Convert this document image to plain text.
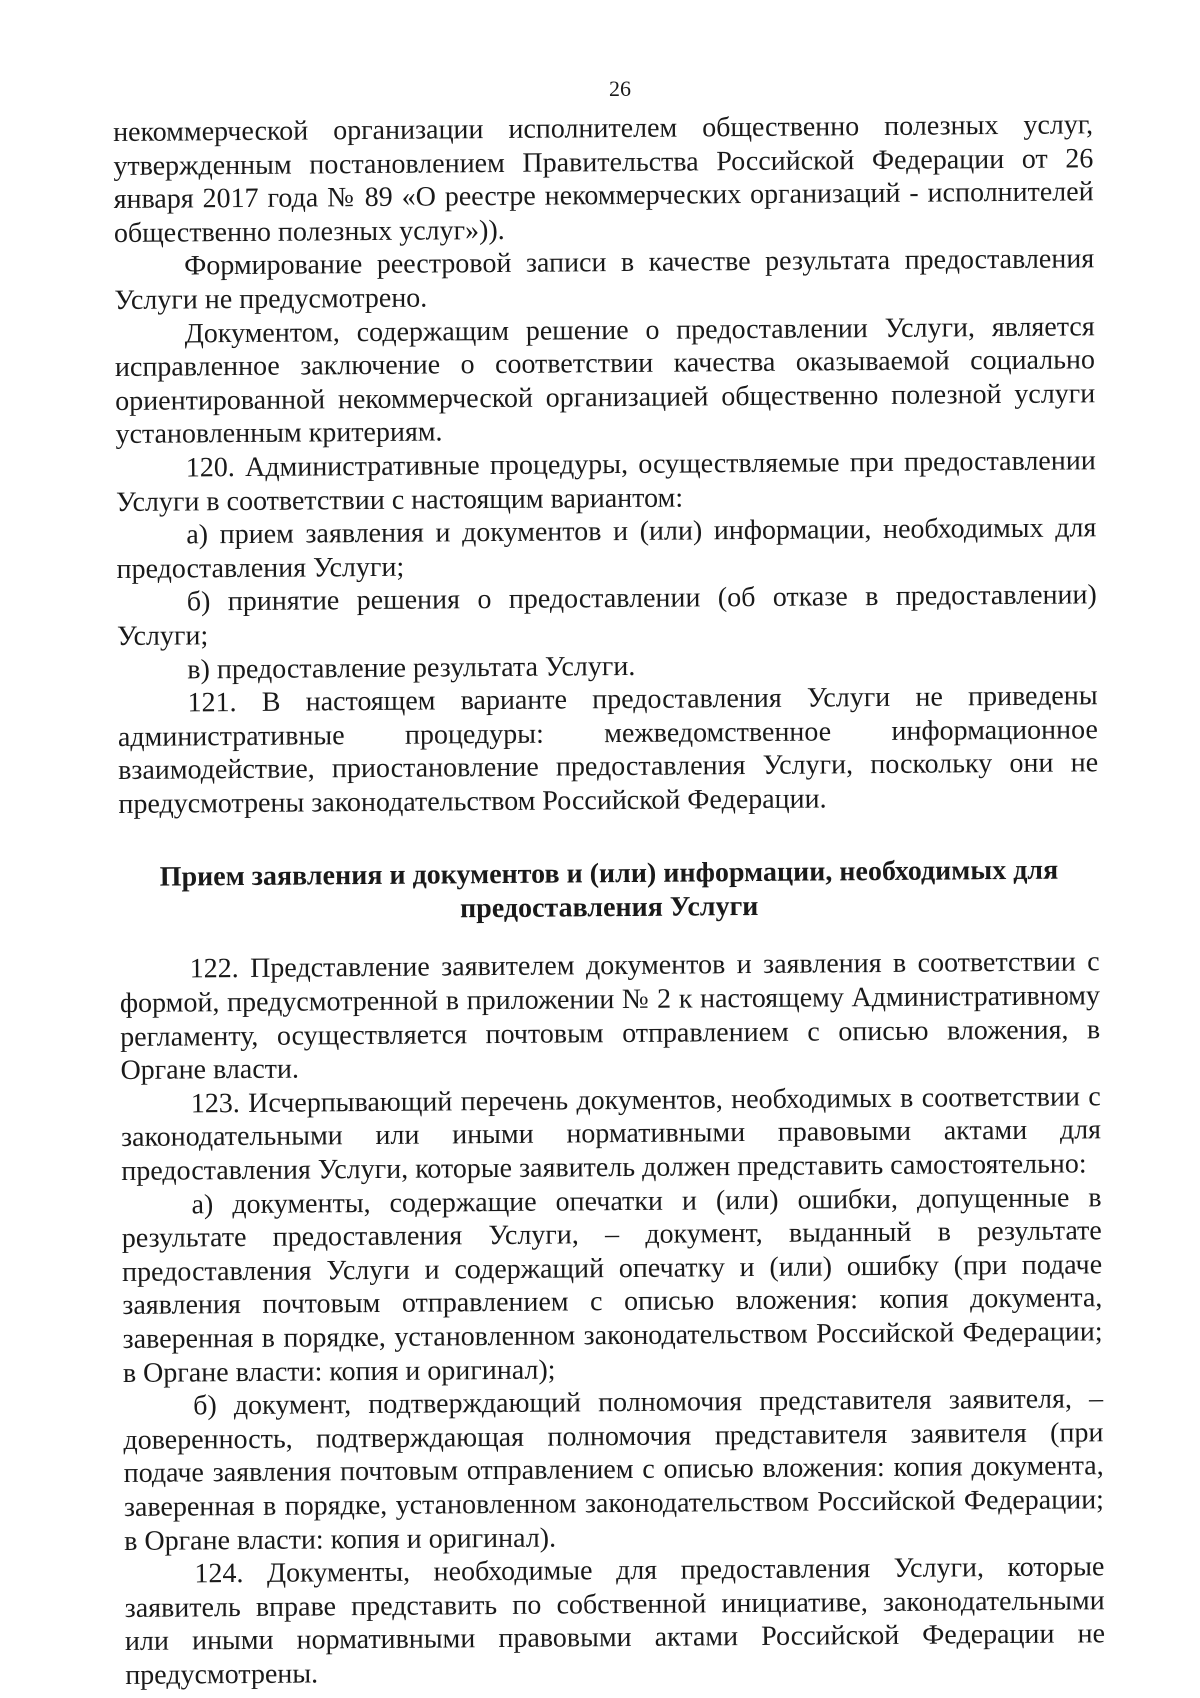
26

некоммерческой организации исполнителем общественно полезных услуг, утвержденным постановлением Правительства Российской Федерации от 26 января 2017 года № 89 «О реестре некоммерческих организаций - исполнителей общественно полезных услуг»)).

Формирование реестровой записи в качестве результата предоставления Услуги не предусмотрено.

Документом, содержащим решение о предоставлении Услуги, является исправленное заключение о соответствии качества оказываемой социально ориентированной некоммерческой организацией общественно полезной услуги установленным критериям.

120. Административные процедуры, осуществляемые при предоставлении Услуги в соответствии с настоящим вариантом:

а) прием заявления и документов и (или) информации, необходимых для предоставления Услуги;

б) принятие решения о предоставлении (об отказе в предоставлении) Услуги;

в) предоставление результата Услуги.

121. В настоящем варианте предоставления Услуги не приведены административные процедуры: межведомственное информационное взаимодействие, приостановление предоставления Услуги, поскольку они не предусмотрены законодательством Российской Федерации.

Прием заявления и документов и (или) информации, необходимых для
предоставления Услуги

122. Представление заявителем документов и заявления в соответствии с формой, предусмотренной в приложении № 2 к настоящему Административному регламенту, осуществляется почтовым отправлением с описью вложения, в Органе власти.

123. Исчерпывающий перечень документов, необходимых в соответствии с законодательными или иными нормативными правовыми актами для предоставления Услуги, которые заявитель должен представить самостоятельно:

а) документы, содержащие опечатки и (или) ошибки, допущенные в результате предоставления Услуги, – документ, выданный в результате предоставления Услуги и содержащий опечатку и (или) ошибку (при подаче заявления почтовым отправлением с описью вложения: копия документа, заверенная в порядке, установленном законодательством Российской Федерации; в Органе власти: копия и оригинал);

б) документ, подтверждающий полномочия представителя заявителя, – доверенность, подтверждающая полномочия представителя заявителя (при подаче заявления почтовым отправлением с описью вложения: копия документа, заверенная в порядке, установленном законодательством Российской Федерации; в Органе власти: копия и оригинал).

124. Документы, необходимые для предоставления Услуги, которые заявитель вправе представить по собственной инициативе, законодательными или иными нормативными правовыми актами Российской Федерации не предусмотрены.
